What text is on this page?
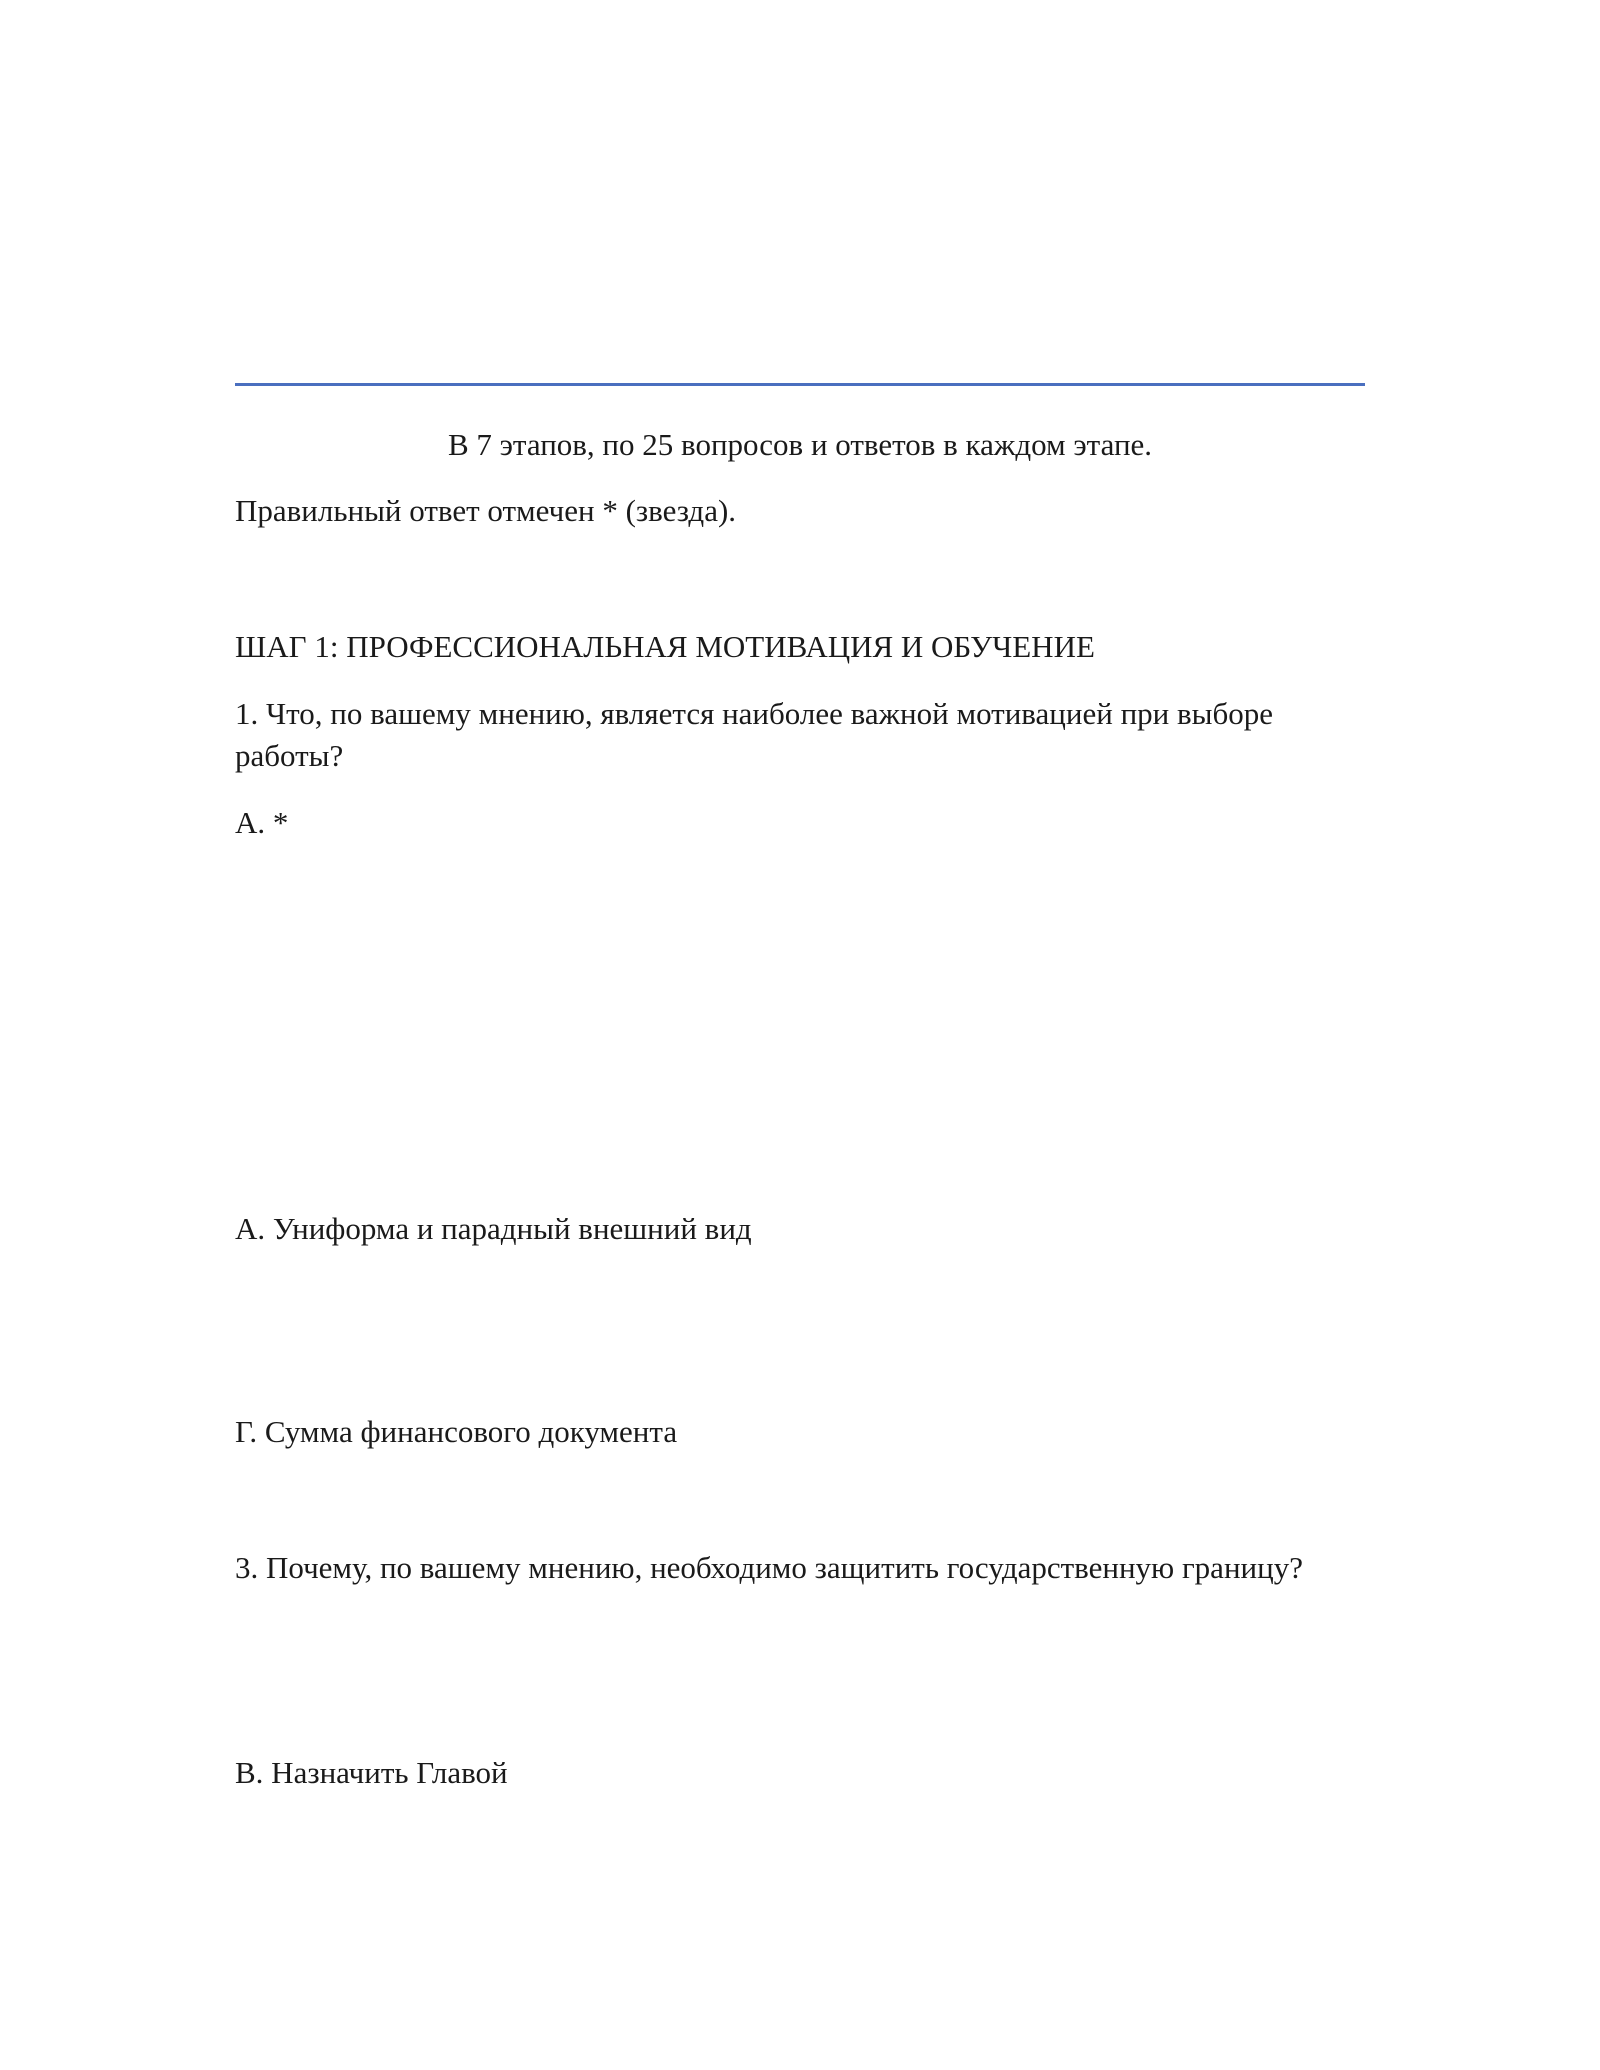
В 7 этапов, по 25 вопросов и ответов в каждом этапе.
Правильный ответ отмечен * (звезда).
ШАГ 1: ПРОФЕССИОНАЛЬНАЯ МОТИВАЦИЯ И ОБУЧЕНИЕ
1. Что, по вашему мнению, является наиболее важной мотивацией при выборе
работы?
А. *
А. Униформа и парадный внешний вид
Г. Сумма финансового документа
3. Почему, по вашему мнению, необходимо защитить государственную границу?
В. Назначить Главой
